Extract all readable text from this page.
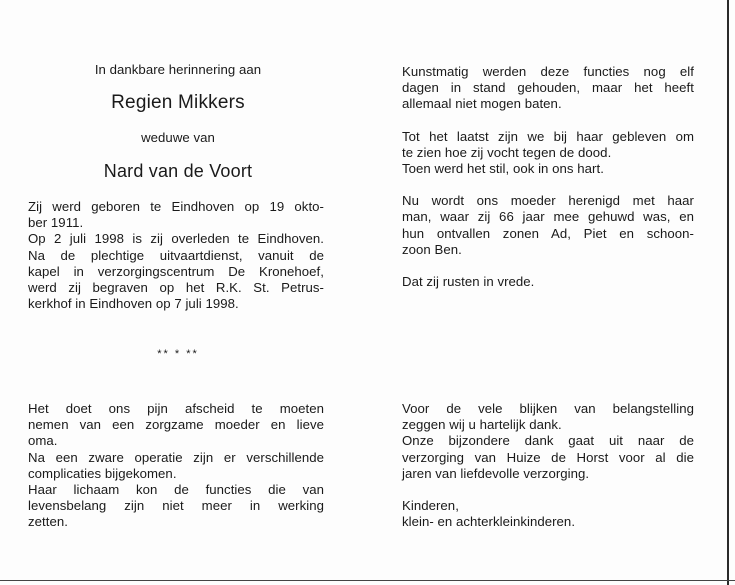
In dankbare herinnering aan

Regien Mikkers

weduwe van

Nard van de Voort

Zij werd geboren te Eindhoven op 19 okto-
ber 1911.
Op 2 juli 1998 is zij overleden te Eindhoven.
Na de plechtige uitvaartdienst, vanuit de
kapel in verzorgingscentrum De Kronehoef,
werd zij begraven op het R.K. St. Petrus-
kerkhof in Eindhoven op 7 juli 1998.
** * **
Kunstmatig werden deze functies nog elf
dagen in stand gehouden, maar het heeft
allemaal niet mogen baten.
Tot het laatst zijn we bij haar gebleven om
te zien hoe zij vocht tegen de dood.
Toen werd het stil, ook in ons hart.
Nu wordt ons moeder herenigd met haar
man, waar zij 66 jaar mee gehuwd was, en
hun ontvallen zonen Ad, Piet en schoon-
zoon Ben.
Dat zij rusten in vrede.
Het doet ons pijn afscheid te moeten
nemen van een zorgzame moeder en lieve
oma.
Na een zware operatie zijn er verschillende
complicaties bijgekomen.
Haar lichaam kon de functies die van
levensbelang zijn niet meer in werking
zetten.
Voor de vele blijken van belangstelling
zeggen wij u hartelijk dank.
Onze bijzondere dank gaat uit naar de
verzorging van Huize de Horst voor al die
jaren van liefdevolle verzorging.
Kinderen,
klein- en achterkleinkinderen.
